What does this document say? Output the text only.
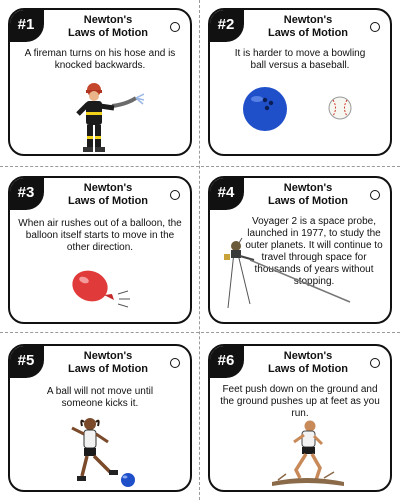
#1	Newton's
Laws of Motion
A fireman turns on his hose and is knocked backwards.
#2	Newton's
Laws of Motion
It is harder to move a bowling ball versus a baseball.
#3	Newton's
Laws of Motion
When air rushes out of a balloon, the balloon itself starts to move in the other direction.
#4	Newton's
Laws of Motion
Voyager 2 is a space probe, launched in 1977, to study the outer planets. It will continue to travel through space for thousands of years without stopping.
#5	Newton's
Laws of Motion
A ball will not move until someone kicks it.
#6	Newton's
Laws of Motion
Feet push down on the ground and the ground pushes up at feet as you run.
